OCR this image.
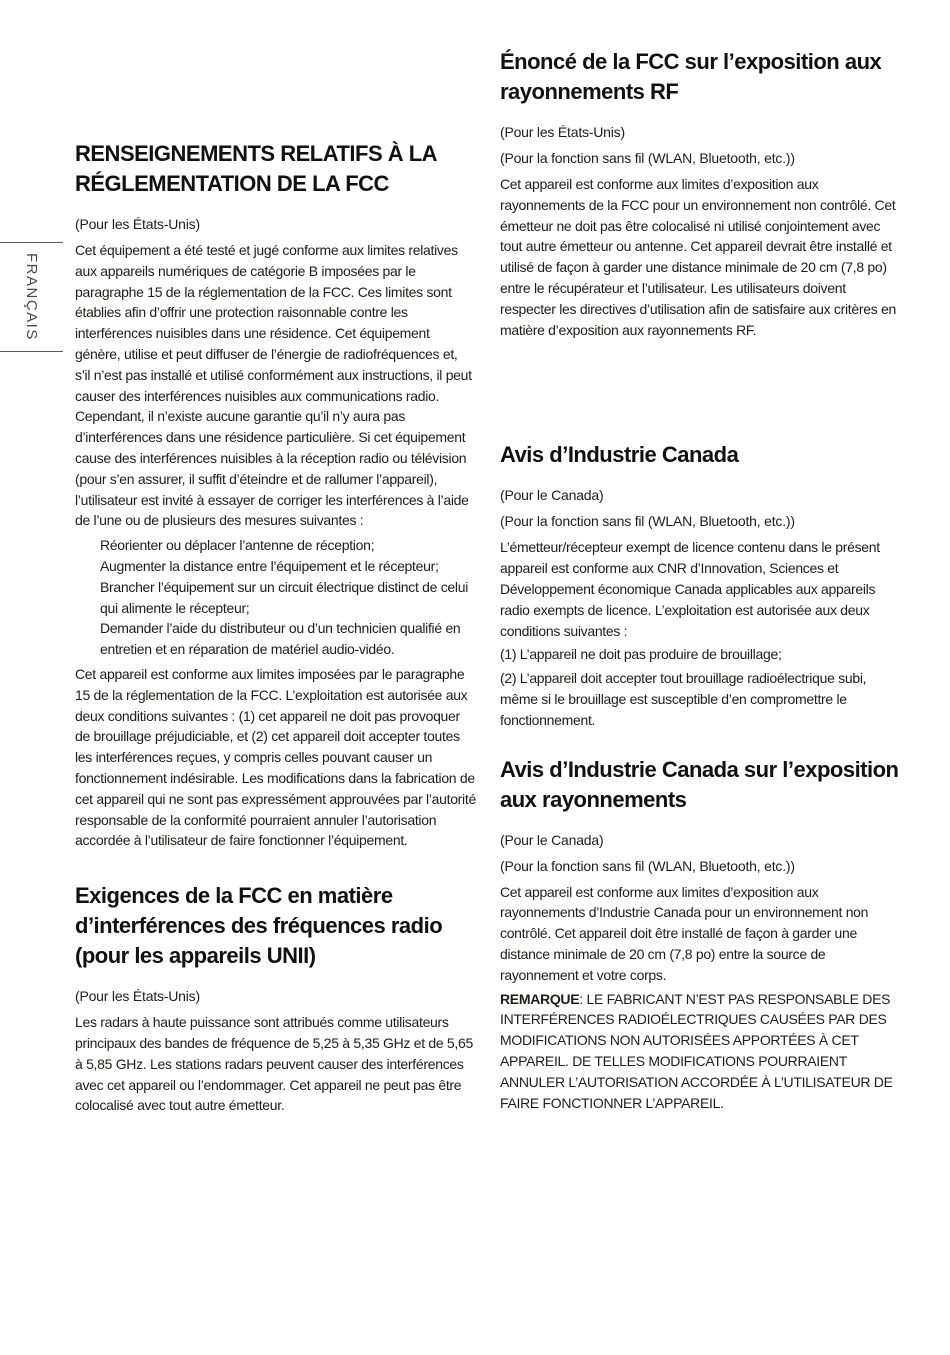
FRANÇAIS
RENSEIGNEMENTS RELATIFS À LA RÉGLEMENTATION DE LA FCC

(Pour les États-Unis)

Cet équipement a été testé et jugé conforme aux limites relatives aux appareils numériques de catégorie B imposées par le paragraphe 15 de la réglementation de la FCC. Ces limites sont établies afin d’offrir une protection raisonnable contre les interférences nuisibles dans une résidence. Cet équipement génère, utilise et peut diffuser de l’énergie de radiofréquences et, s’il n’est pas installé et utilisé conformément aux instructions, il peut causer des interférences nuisibles aux communications radio. Cependant, il n’existe aucune garantie qu’il n’y aura pas d’interférences dans une résidence particulière. Si cet équipement cause des interférences nuisibles à la réception radio ou télévision (pour s’en assurer, il suffit d’éteindre et de rallumer l’appareil), l’utilisateur est invité à essayer de corriger les interférences à l’aide de l’une ou de plusieurs des mesures suivantes :

Réorienter ou déplacer l’antenne de réception;
Augmenter la distance entre l’équipement et le récepteur;
Brancher l’équipement sur un circuit électrique distinct de celui qui alimente le récepteur;
Demander l’aide du distributeur ou d’un technicien qualifié en entretien et en réparation de matériel audio-vidéo.

Cet appareil est conforme aux limites imposées par le paragraphe 15 de la réglementation de la FCC. L’exploitation est autorisée aux deux conditions suivantes : (1) cet appareil ne doit pas provoquer de brouillage préjudiciable, et (2) cet appareil doit accepter toutes les interférences reçues, y compris celles pouvant causer un fonctionnement indésirable. Les modifications dans la fabrication de cet appareil qui ne sont pas expressément approuvées par l’autorité responsable de la conformité pourraient annuler l’autorisation accordée à l’utilisateur de faire fonctionner l’équipement.

Exigences de la FCC en matière d’interférences des fréquences radio (pour les appareils UNII)

(Pour les États-Unis)

Les radars à haute puissance sont attribués comme utilisateurs principaux des bandes de fréquence de 5,25 à 5,35 GHz et de 5,65 à 5,85 GHz. Les stations radars peuvent causer des interférences avec cet appareil ou l’endommager. Cet appareil ne peut pas être colocalisé avec tout autre émetteur.

Énoncé de la FCC sur l’exposition aux rayonnements RF

(Pour les États-Unis)

(Pour la fonction sans fil (WLAN, Bluetooth, etc.))

Cet appareil est conforme aux limites d’exposition aux rayonnements de la FCC pour un environnement non contrôlé. Cet émetteur ne doit pas être colocalisé ni utilisé conjointement avec tout autre émetteur ou antenne. Cet appareil devrait être installé et utilisé de façon à garder une distance minimale de 20 cm (7,8 po) entre le récupérateur et l’utilisateur. Les utilisateurs doivent respecter les directives d’utilisation afin de satisfaire aux critères en matière d’exposition aux rayonnements RF.

Avis d’Industrie Canada

(Pour le Canada)

(Pour la fonction sans fil (WLAN, Bluetooth, etc.))

L’émetteur/récepteur exempt de licence contenu dans le présent appareil est conforme aux CNR d’Innovation, Sciences et Développement économique Canada applicables aux appareils radio exempts de licence. L’exploitation est autorisée aux deux conditions suivantes :

(1) L’appareil ne doit pas produire de brouillage;

(2) L’appareil doit accepter tout brouillage radioélectrique subi, même si le brouillage est susceptible d’en compromettre le fonctionnement.

Avis d’Industrie Canada sur l’exposition aux rayonnements

(Pour le Canada)

(Pour la fonction sans fil (WLAN, Bluetooth, etc.))

Cet appareil est conforme aux limites d’exposition aux rayonnements d’Industrie Canada pour un environnement non contrôlé. Cet appareil doit être installé de façon à garder une distance minimale de 20 cm (7,8 po) entre la source de rayonnement et votre corps.

REMARQUE: LE FABRICANT N’EST PAS RESPONSABLE DES INTERFÉRENCES RADIOÉLECTRIQUES CAUSÉES PAR DES MODIFICATIONS NON AUTORISÉES APPORTÉES À CET APPAREIL. DE TELLES MODIFICATIONS POURRAIENT ANNULER L’AUTORISATION ACCORDÉE À L’UTILISATEUR DE FAIRE FONCTIONNER L’APPAREIL.
